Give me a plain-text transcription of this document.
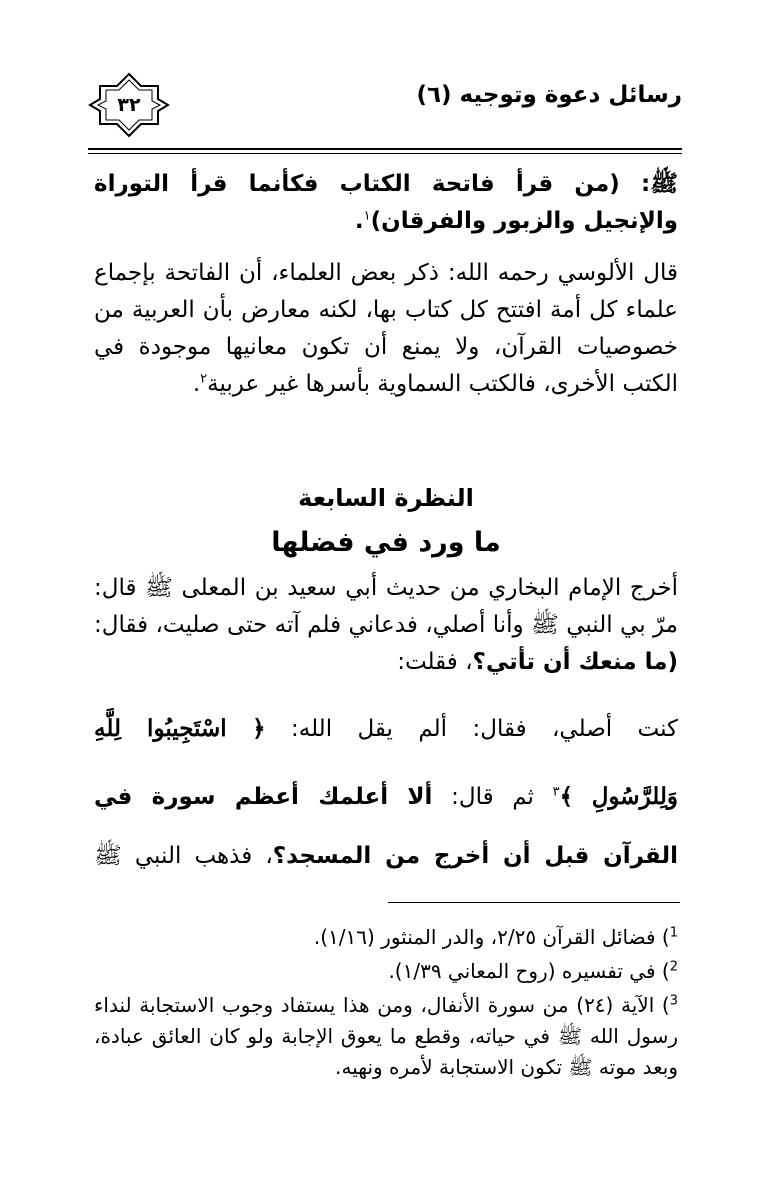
رسائل دعوة وتوجيه (٦)
٣٢
ﷺ: (من قرأ فاتحة الكتاب فكأنما قرأ التوراة والإنجيل والزبور والفرقان)$^١$.
قال الألوسي رحمه الله: ذكر بعض العلماء، أن الفاتحة بإجماع علماء كل أمة افتتح كل كتاب بها، لكنه معارض بأن العربية من خصوصيات القرآن، ولا يمنع أن تكون معانيها موجودة في الكتب الأخرى، فالكتب السماوية بأسرها غير عربية$^٢$.
النظرة السابعة
ما ورد في فضلها
أخرج الإمام البخاري من حديث أبي سعيد بن المعلى ﷺ قال: مرّ بي النبي ﷺ وأنا أصلي، فدعاني فلم آته حتى صليت، فقال: (ما منعك أن تأتي؟، فقلت:
كنت أصلي، فقال: ألم يقل الله: ﴿ اسْتَجِيبُوا لِلَّهِ
وَلِلرَّسُولِ ﴾$^٣$ ثم قال: ألا أعلمك أعظم سورة في
القرآن قبل أن أخرج من المسجد؟، فذهب النبي ﷺ
$^1$) فضائل القرآن ٢/٢٥، والدر المنثور (١/١٦).
$^2$) في تفسيره (روح المعاني ١/٣٩).
$^3$) الآية (٢٤) من سورة الأنفال، ومن هذا يستفاد وجوب الاستجابة لنداء رسول الله ﷺ في حياته، وقطع ما يعوق الإجابة ولو كان العائق عبادة، وبعد موته ﷺ تكون الاستجابة لأمره ونهيه.
